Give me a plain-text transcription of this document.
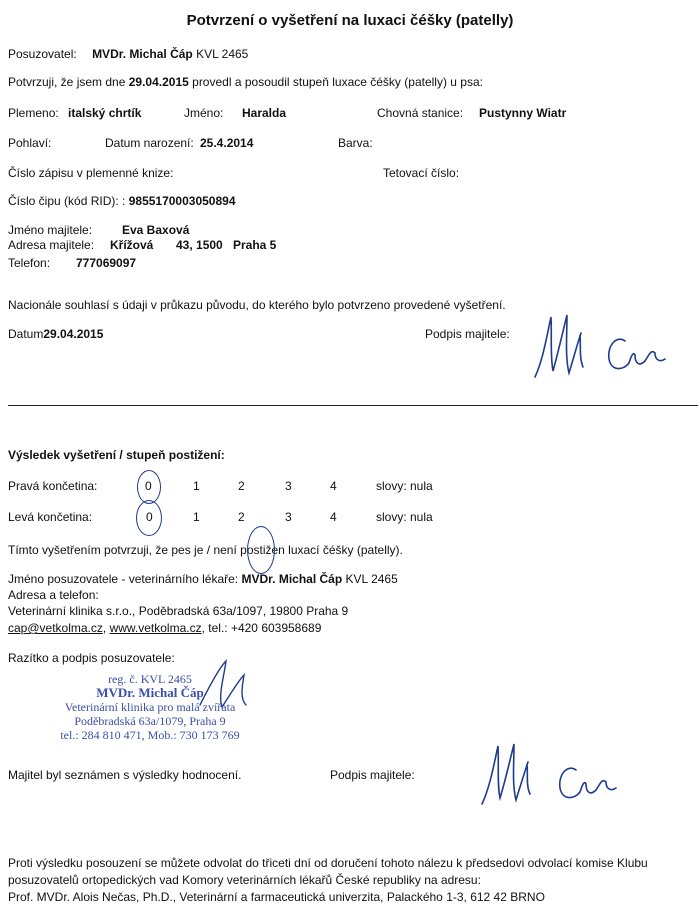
Potvrzení o vyšetření na luxaci čéšky (patelly)
Posuzovatel: MVDr. Michal Čáp KVL 2465
Potvrzuji, že jsem dne 29.04.2015 provedl a posoudil stupeň luxace čéšky (patelly) u psa:
Plemeno: italský chrtík	Jméno: Haralda	Chovná stanice: Pustynny Wiatr
Pohlaví:	Datum narození: 25.4.2014	Barva:
Číslo zápisu v plemenné knize:	Tetovací číslo:
Číslo čipu (kód RID): : 9855170003050894
Jméno majitele: Eva Baxová
Adresa majitele: Křížová 43, 1500 Praha 5
Telefon: 777069097
Nacionále souhlasí s údaji v průkazu původu, do kterého bylo potvrzeno provedené vyšetření.
Datum29.04.2015	Podpis majitele:
Výsledek vyšetření / stupeň postižení:
Pravá končetina:	0	1	2	3	4	slovy: nula
Levá končetina:	0	1	2	3	4	slovy: nula
Tímto vyšetřením potvrzuji, že pes je / není postižen luxací čéšky (patelly).
Jméno posuzovatele - veterinárního lékaře: MVDr. Michal Čáp KVL 2465
Adresa a telefon:
Veterinární klinika s.r.o., Poděbradská 63a/1097, 19800 Praha 9
cap@vetkolma.cz, www.vetkolma.cz, tel.: +420 603958689
Razítko a podpis posuzovatele:
reg. č. KVL 2465
MVDr. Michal Čáp
Veterinární klinika pro malá zvířata
Poděbradská 63a/1079, Praha 9
tel.: 284 810 471, Mob.: 730 173 769
Majitel byl seznámen s výsledky hodnocení.	Podpis majitele:
Proti výsledku posouzení se můžete odvolat do třiceti dní od doručení tohoto nálezu k předsedovi odvolací komise Klubu
posuzovatelů ortopedických vad Komory veterinárních lékařů České republiky na adresu:
Prof. MVDr. Alois Nečas, Ph.D., Veterinární a farmaceutická univerzita, Palackého 1-3, 612 42 BRNO
